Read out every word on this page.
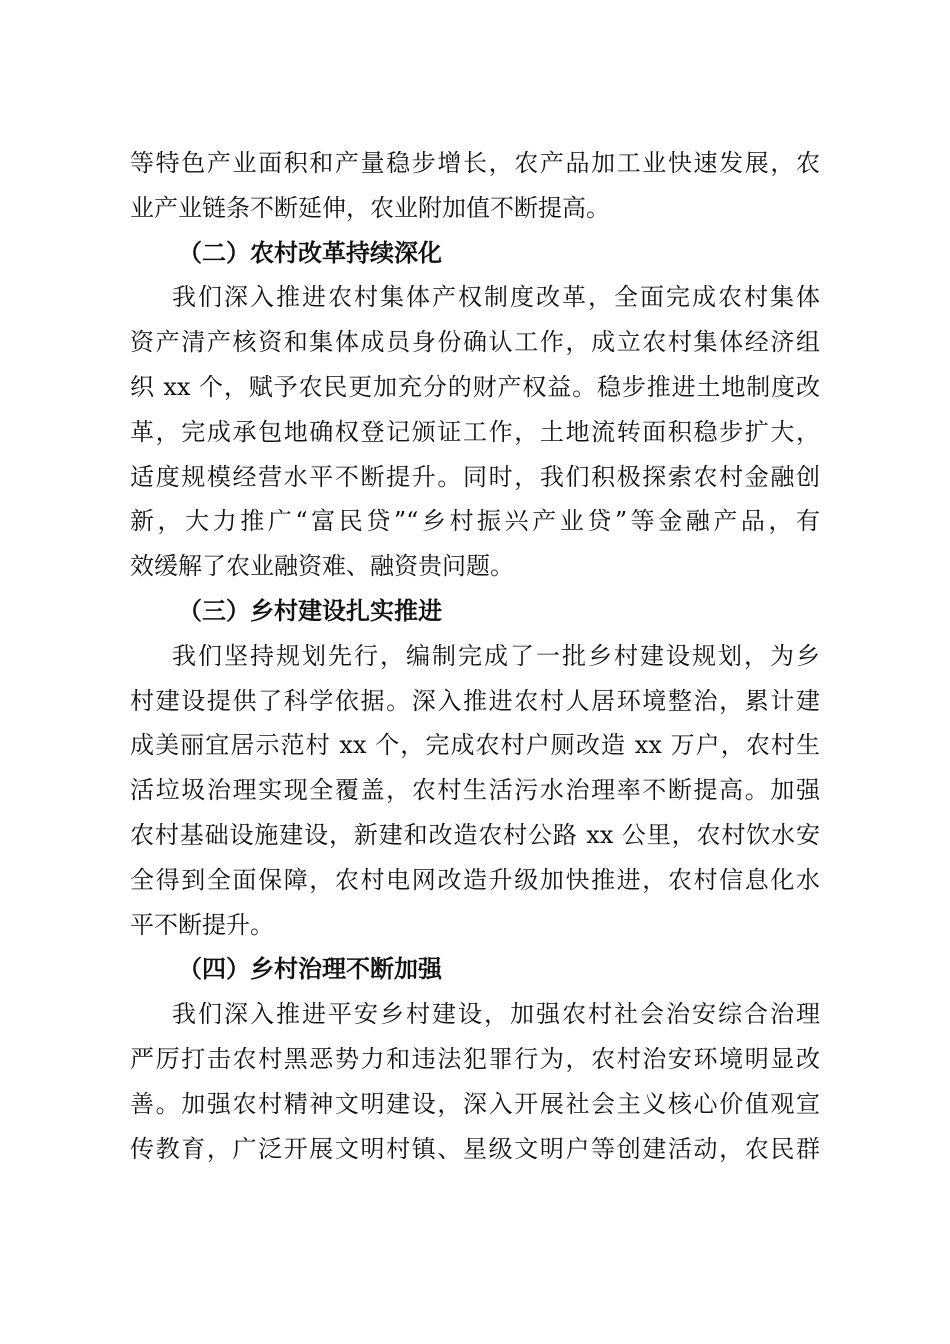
等特色产业面积和产量稳步增长，农产品加工业快速发展，农
业产业链条不断延伸，农业附加值不断提高。
（二）农村改革持续深化
我们深入推进农村集体产权制度改革，全面完成农村集体
资产清产核资和集体成员身份确认工作，成立农村集体经济组
织 xx 个，赋予农民更加充分的财产权益。稳步推进土地制度改
革，完成承包地确权登记颁证工作，土地流转面积稳步扩大，
适度规模经营水平不断提升。同时，我们积极探索农村金融创
新，大力推广“富民贷”“乡村振兴产业贷”等金融产品，有
效缓解了农业融资难、融资贵问题。
（三）乡村建设扎实推进
我们坚持规划先行，编制完成了一批乡村建设规划，为乡
村建设提供了科学依据。深入推进农村人居环境整治，累计建
成美丽宜居示范村 xx 个，完成农村户厕改造 xx 万户，农村生
活垃圾治理实现全覆盖，农村生活污水治理率不断提高。加强
农村基础设施建设，新建和改造农村公路 xx 公里，农村饮水安
全得到全面保障，农村电网改造升级加快推进，农村信息化水
平不断提升。
（四）乡村治理不断加强
我们深入推进平安乡村建设，加强农村社会治安综合治理
严厉打击农村黑恶势力和违法犯罪行为，农村治安环境明显改
善。加强农村精神文明建设，深入开展社会主义核心价值观宣
传教育，广泛开展文明村镇、星级文明户等创建活动，农民群
